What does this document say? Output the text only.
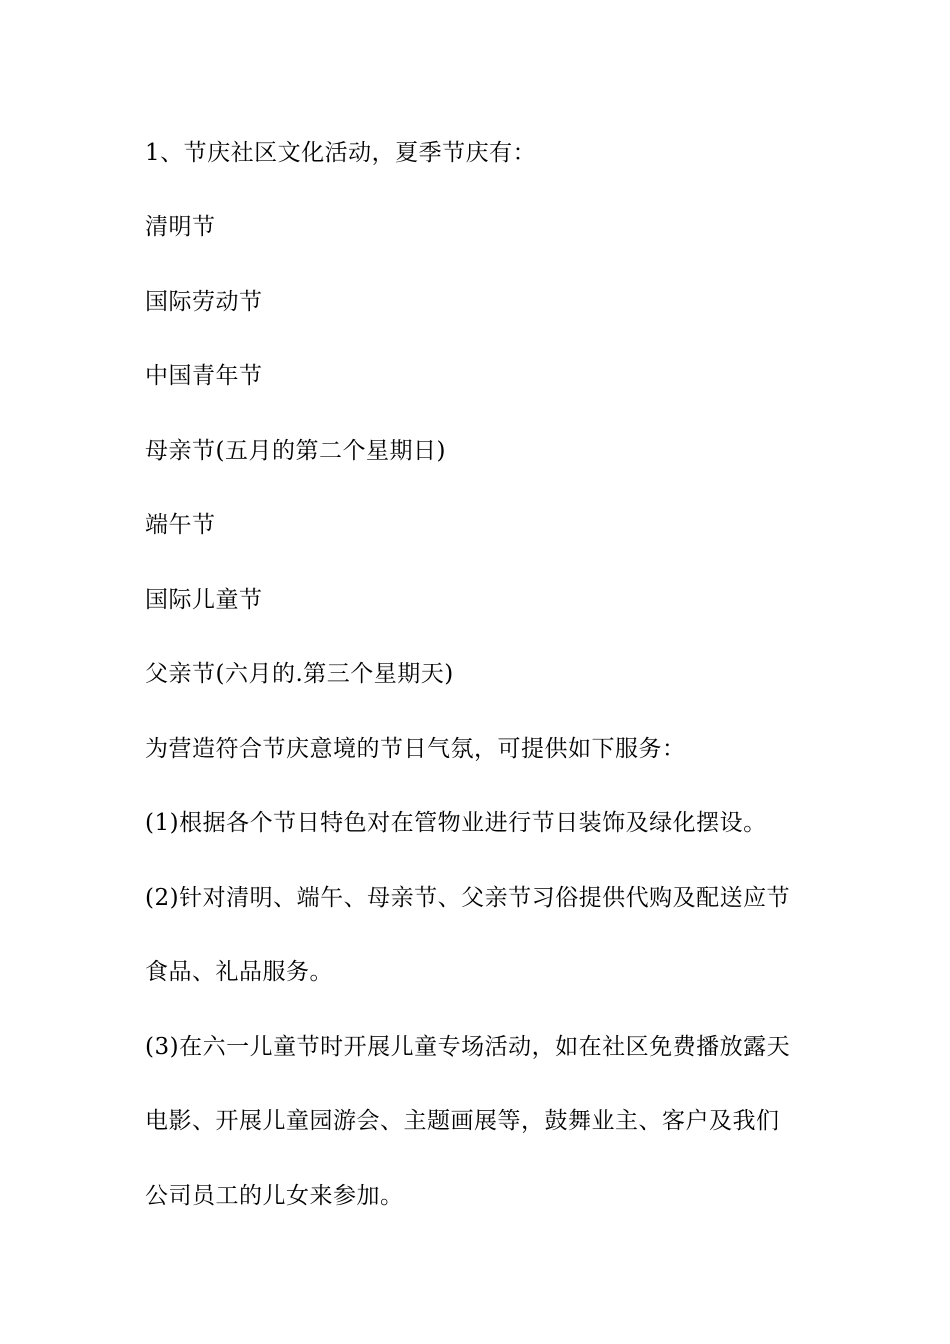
1、节庆社区文化活动，夏季节庆有：
清明节
国际劳动节
中国青年节
母亲节(五月的第二个星期日)
端午节
国际儿童节
父亲节(六月的.第三个星期天)
为营造符合节庆意境的节日气氛，可提供如下服务：
(1)根据各个节日特色对在管物业进行节日装饰及绿化摆设。
(2)针对清明、端午、母亲节、父亲节习俗提供代购及配送应节
食品、礼品服务。
(3)在六一儿童节时开展儿童专场活动，如在社区免费播放露天
电影、开展儿童园游会、主题画展等，鼓舞业主、客户及我们
公司员工的儿女来参加。
